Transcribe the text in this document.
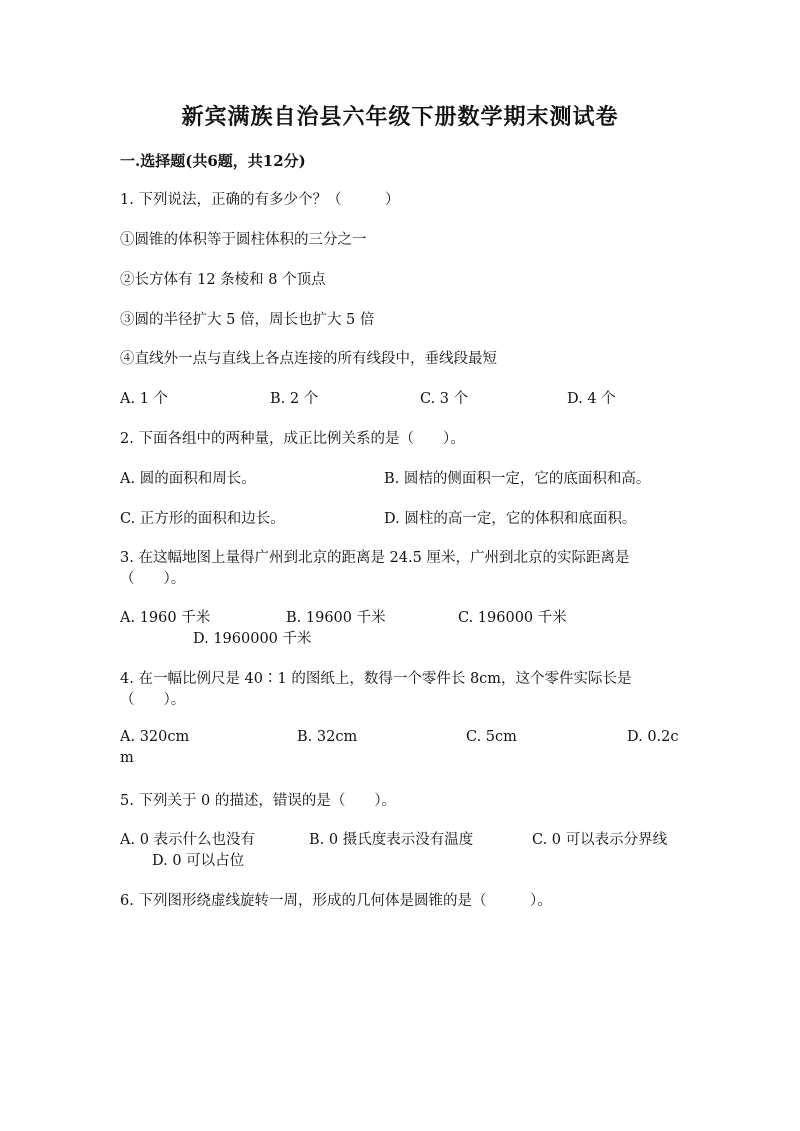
新宾满族自治县六年级下册数学期末测试卷
一.选择题(共6题，共12分)
1. 下列说法，正确的有多少个？（　　　）
①圆锥的体积等于圆柱体积的三分之一
②长方体有 12 条棱和 8 个顶点
③圆的半径扩大 5 倍，周长也扩大 5 倍
④直线外一点与直线上各点连接的所有线段中，垂线段最短
A. 1 个	B. 2 个	C. 3 个	D. 4 个
2. 下面各组中的两种量，成正比例关系的是（　　）。
A. 圆的面积和周长。	B. 圆桔的侧面积一定，它的底面积和高。
C. 正方形的面积和边长。	D. 圆柱的高一定，它的体积和底面积。
3. 在这幅地图上量得广州到北京的距离是 24.5 厘米，广州到北京的实际距离是
（　　）。
A. 1960 千米	B. 19600 千米	C. 196000 千米
D. 1960000 千米
4. 在一幅比例尺是 40∶1 的图纸上，数得一个零件长 8cm，这个零件实际长是
（　　）。
A. 320cm	B. 32cm	C. 5cm	D. 0.2c
m
5. 下列关于 0 的描述，错误的是（　　）。
A. 0 表示什么也没有	B. 0 摄氏度表示没有温度	C. 0 可以表示分界线
D. 0 可以占位
6. 下列图形绕虚线旋转一周，形成的几何体是圆锥的是（　　　）。
